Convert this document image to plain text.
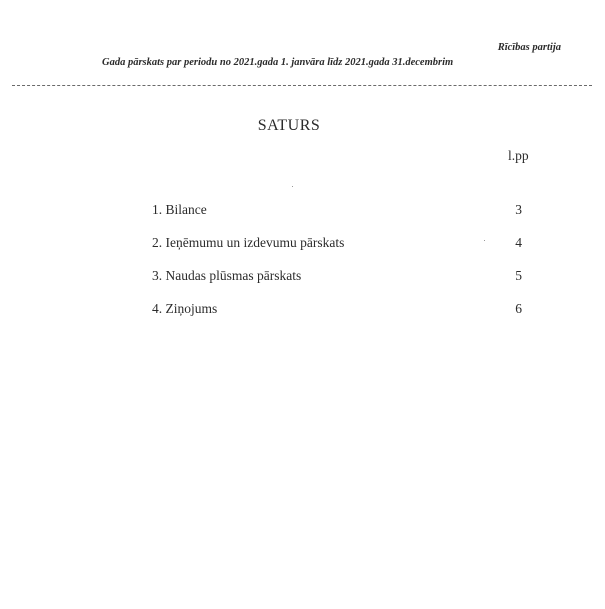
Rīcības partija
Gada pārskats par periodu no 2021.gada 1. janvāra līdz 2021.gada 31.decembrim
SATURS
l.pp
1. Bilance	3
2. Ieņēmumu un izdevumu pārskats	4
3. Naudas plūsmas pārskats	5
4. Ziņojums	6
